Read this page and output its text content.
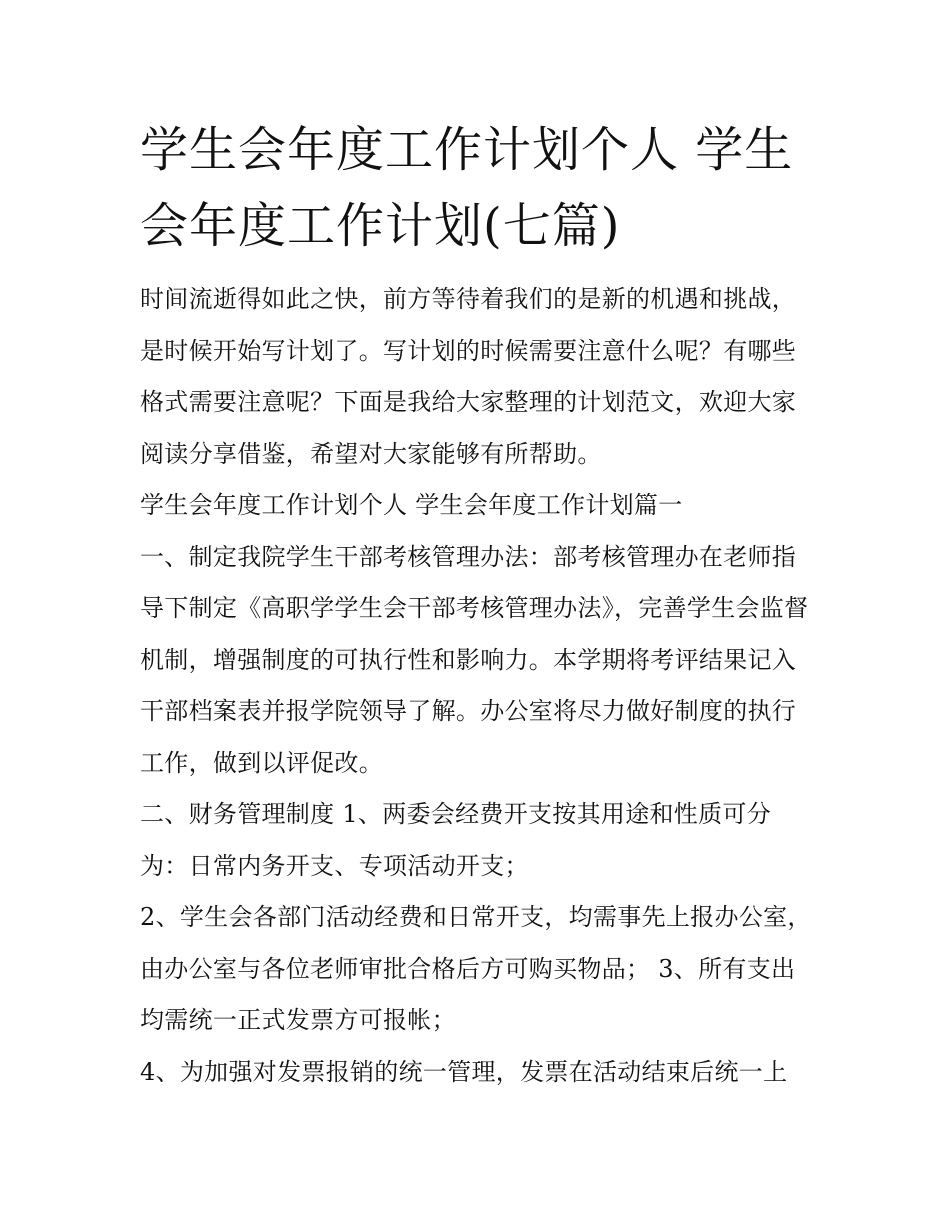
学生会年度工作计划个人 学生会年度工作计划(七篇)

时间流逝得如此之快，前方等待着我们的是新的机遇和挑战，是时候开始写计划了。写计划的时候需要注意什么呢？有哪些格式需要注意呢？下面是我给大家整理的计划范文，欢迎大家阅读分享借鉴，希望对大家能够有所帮助。

学生会年度工作计划个人 学生会年度工作计划篇一

一、制定我院学生干部考核管理办法：部考核管理办在老师指导下制定《高职学学生会干部考核管理办法》，完善学生会监督机制，增强制度的可执行性和影响力。本学期将考评结果记入干部档案表并报学院领导了解。办公室将尽力做好制度的执行工作，做到以评促改。

二、财务管理制度 1、两委会经费开支按其用途和性质可分为：日常内务开支、专项活动开支；

2、学生会各部门活动经费和日常开支，均需事先上报办公室，由办公室与各位老师审批合格后方可购买物品； 3、所有支出均需统一正式发票方可报帐；

4、为加强对发票报销的统一管理，发票在活动结束后统一上
